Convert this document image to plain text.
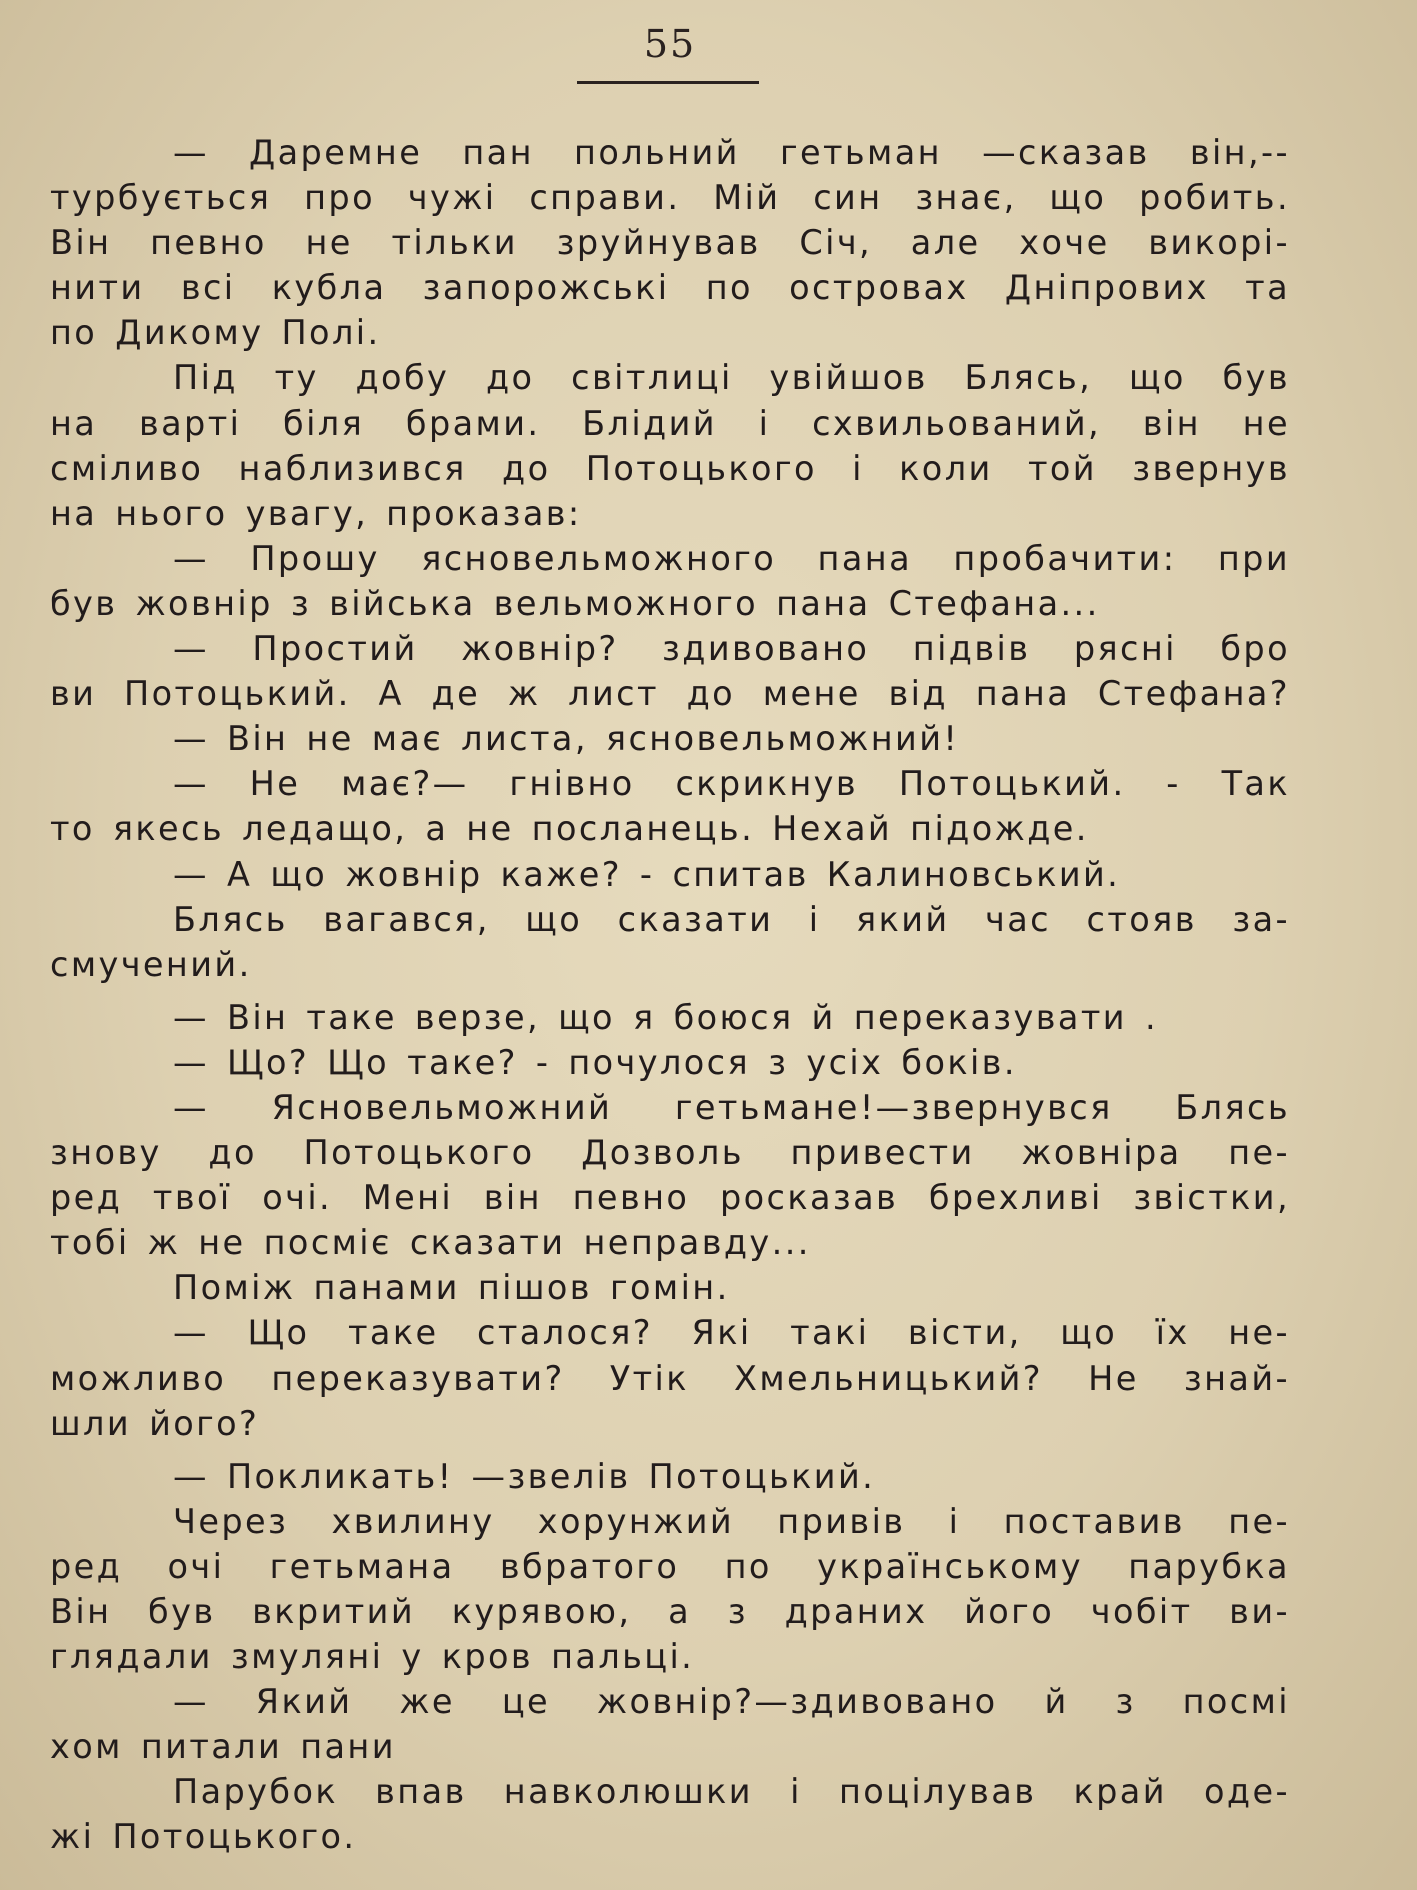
55
— Даремне пан польний гетьман —сказав він,--
турбується про чужі справи. Мій син знає, що робить.
Він певно не тільки зруйнував Січ, але хоче викорі-
нити всі кубла запорожські по островах Дніпрових та
по Дикому Полі.
Під ту добу до світлиці увійшов Блясь, що був
на варті біля брами. Блідий і схвильований, він не
сміливо наблизився до Потоцького і коли той звернув
на нього увагу, проказав:
— Прошу ясновельможного пана пробачити: при
був жовнір з війська вельможного пана Стефана...
— Простий жовнір? здивовано підвів рясні бро
ви Потоцький. А де ж лист до мене від пана Стефана?
— Він не має листа, ясновельможний!
— Не має?— гнівно скрикнув Потоцький. - Так
то якесь ледащо, а не посланець. Нехай підожде.
— А що жовнір каже? - спитав Калиновський.
Блясь вагався, що сказати і який час стояв за-
смучений.
— Він таке верзе, що я боюся й переказувати .
— Що? Що таке? - почулося з усіх боків.
— Ясновельможний гетьмане!—звернувся Блясь
знову до Потоцького Дозволь привести жовніра пе-
ред твої очі. Мені він певно росказав брехливі звістки,
тобі ж не посміє сказати неправду...
Поміж панами пішов гомін.
— Що таке сталося? Які такі вісти, що їх не-
можливо переказувати? Утік Хмельницький? Не знай-
шли його?
— Покликать! —звелів Потоцький.
Через хвилину хорунжий привів і поставив пе-
ред очі гетьмана вбратого по українському парубка
Він був вкритий курявою, а з драних його чобіт ви-
глядали змуляні у кров пальці.
— Який же це жовнір?—здивовано й з посмі
хом питали пани
Парубок впав навколюшки і поцілував край оде-
жі Потоцького.
